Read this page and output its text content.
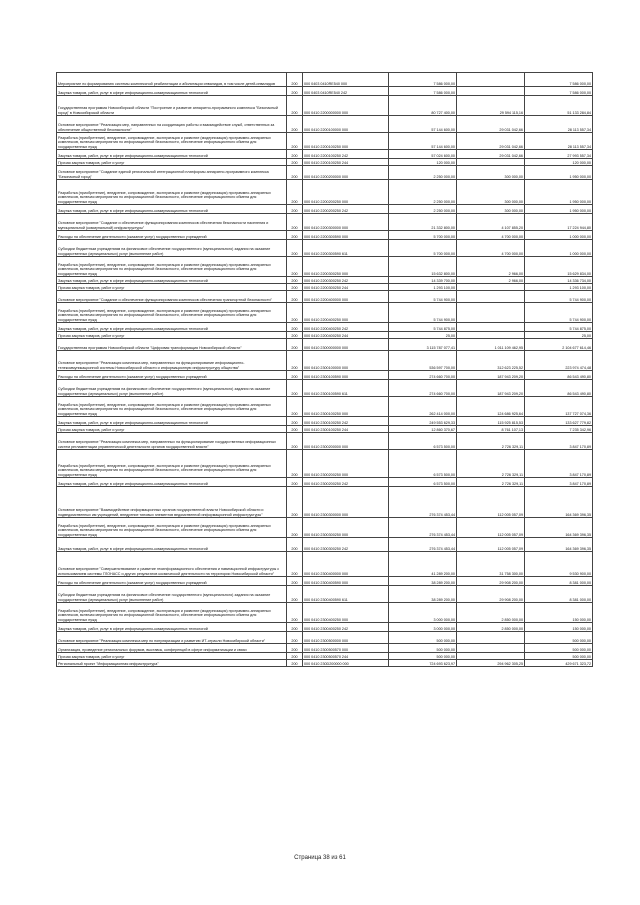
Мероприятие по формированию системы комплексной реабилитации и абилитации инвалидов, в том числе детей-инвалидов	200	000 0403 0410RE540 000	7 586 000,00		7 586 000,00
Закупка товаров, работ, услуг в сфере информационно-коммуникационных технологий	200	000 0403 0410RE540 242	7 586 000,00		7 586 000,00
Государственная программа Новосибирской области "Построение и развитие аппаратно-программного комплекса "Безопасный город" в Новосибирской области	200	000 0410 2200000000 000	80 727 400,00	29 594 115,16	51 133 284,84
Основное мероприятие "Реализация мер, направленных на координацию работы и взаимодействие служб, ответственных за обеспечение общественной безопасности"	200	000 0410 2200100000 000	57 144 600,00	29 031 042,66	28 113 557,34
Разработка (приобретение), внедрение, сопровождение, эксплуатация и развитие (модернизация) программно-аппаратных комплексов, включая мероприятия по информационной безопасности, обеспечение информационного обмена для государственных нужд	200	000 0410 2200100250 000	57 144 600,00	29 031 042,66	28 113 557,34
Закупка товаров, работ, услуг в сфере информационно-коммуникационных технологий	200	000 0410 2200100250 242	57 024 600,00	29 031 042,66	27 993 557,34
Прочая закупка товаров, работ и услуг	200	000 0410 2200100250 244	120 000,00		120 000,00
Основное мероприятие "Создание единой региональной интеграционной платформы аппаратно-программного комплекса "Безопасный город"	200	000 0410 2200200000 000	2 250 000,00	300 000,00	1 950 000,00
Разработка (приобретение), внедрение, сопровождение, эксплуатация и развитие (модернизация) программно-аппаратных комплексов, включая мероприятия по информационной безопасности, обеспечение информационного обмена для государственных нужд	200	000 0410 2200200250 000	2 250 000,00	300 000,00	1 950 000,00
Закупка товаров, работ, услуг в сфере информационно-коммуникационных технологий	200	000 0410 2200200250 242	2 250 000,00	300 000,00	1 950 000,00
Основное мероприятие "Создание и обеспечение функционирования комплексов обеспечения безопасности населения и муниципальной (коммунальной) инфраструктуры"	200	000 0410 2200300000 000	21 332 800,00	4 107 855,20	17 224 944,80
Расходы на обеспечение деятельности (оказание услуг) государственных учреждений	200	000 0410 2200300590 000	5 700 000,00	4 700 000,00	1 000 000,00
Субсидии бюджетным учреждениям на финансовое обеспечение государственного (муниципального) задания на оказание государственных (муниципальных) услуг (выполнение работ)	200	000 0410 2200300590 611	5 700 000,00	4 700 000,00	1 000 000,00
Разработка (приобретение), внедрение, сопровождение, эксплуатация и развитие (модернизация) программно-аппаратных комплексов, включая мероприятия по информационной безопасности, обеспечение информационного обмена для государственных нужд	200	000 0410 2200300250 000	15 632 800,00	2 966,00	15 629 834,00
Закупка товаров, работ, услуг в сфере информационно-коммуникационных технологий	200	000 0410 2200300250 242	14 339 700,00	2 966,00	14 336 734,00
Прочая закупка товаров, работ и услуг	200	000 0410 2200300250 244	1 293 100,00		1 293 100,00
Основное мероприятие "Создание и обеспечение функционирования комплексов обеспечения транспортной безопасности"	200	000 0410 2200400000 000	5 744 900,00		5 744 900,00
Разработка (приобретение), внедрение, сопровождение, эксплуатация и развитие (модернизация) программно-аппаратных комплексов, включая мероприятия по информационной безопасности, обеспечение информационного обмена для государственных нужд	200	000 0410 2200400250 000	5 744 900,00		5 744 900,00
Закупка товаров, работ, услуг в сфере информационно-коммуникационных технологий	200	000 0410 2200400250 242	5 744 875,00		5 744 875,00
Прочая закупка товаров, работ и услуг	200	000 0410 2200400250 244	25,00		25,00
Государственная программа Новосибирской области "Цифровая трансформация Новосибирской области"	200	000 0410 2300000000 000	3 115 787 077,41	1 011 109 462,95	2 104 677 614,46
Основное мероприятие "Реализация комплекса мер, направленных на функционирование информационно-телекоммуникационной системы Новосибирской области и информационную инфраструктуру общества"	200	000 0410 2300100000 000	536 597 700,00	312 623 225,52	223 974 474,48
Расходы на обеспечение деятельности (оказание услуг) государственных учреждений	200	000 0410 2300100590 000	274 660 700,00	187 943 209,20	86 543 490,80
Субсидии бюджетным учреждениям на финансовое обеспечение государственного (муниципального) задания на оказание государственных (муниципальных) услуг (выполнение работ)	200	000 0410 2300100590 611	274 660 700,00	187 943 209,20	86 543 490,80
Разработка (приобретение), внедрение, сопровождение, эксплуатация и развитие (модернизация) программно-аппаратных комплексов, включая мероприятия по информационной безопасности, обеспечение информационного обмена для государственных нужд	200	000 0410 2300100250 000	262 414 000,00	124 686 925,64	137 727 074,36
Закупка товаров, работ, услуг в сфере информационно-коммуникационных технологий	200	000 0410 2300100250 242	249 553 629,33	115 925 815,53	133 627 779,82
Прочая закупка товаров, работ и услуг	200	000 0410 2300100250 244	12 860 370,67	8 761 107,13	7 235 342,96
Основное мероприятие "Реализация комплекса мер, направленных на функционирование государственных информационных систем регламентации управленческой деятельности органов государственной власти"	200	000 0410 2300200000 000	6 573 500,00	2 726 329,11	3 847 170,89
Разработка (приобретение), внедрение, сопровождение, эксплуатация и развитие (модернизация) программно-аппаратных комплексов, включая мероприятия по информационной безопасности, обеспечение информационного обмена для государственных нужд	200	000 0410 2300200250 000	6 573 500,00	2 726 329,11	3 847 170,89
Закупка товаров, работ, услуг в сфере информационно-коммуникационных технологий	200	000 0410 2300200250 242	6 573 500,00	2 726 329,11	3 847 170,89
Основное мероприятие "Взаимодействие информационных органов государственной власти Новосибирской области и подведомственных им учреждений, внедрение типовых элементов ведомственной информационной инфраструктуры"	200	000 0410 2300300000 000	276 374 453,44	112 005 057,09	164 369 396,35
Разработка (приобретение), внедрение, сопровождение, эксплуатация и развитие (модернизация) программно-аппаратных комплексов, включая мероприятия по информационной безопасности, обеспечение информационного обмена для государственных нужд	200	000 0410 2300300250 000	276 374 453,44	112 005 057,09	164 369 396,35
Закупка товаров, работ, услуг в сфере информационно-коммуникационных технологий	200	000 0410 2300300250 242	276 374 453,44	112 005 057,09	164 369 396,35
Основное мероприятие "Совершенствование и развитие геоинформационного обеспечения и навигационной инфраструктуры с использованием системы ГЛОНАСС и других результатов космической деятельности на территории Новосибирской области"	200	000 0410 2300400000 000	41 289 200,00	31 758 300,00	9 530 900,00
Расходы на обеспечение деятельности (оказание услуг) государственных учреждений	200	000 0410 2300400590 000	38 289 200,00	29 908 200,00	8 381 000,00
Субсидии бюджетным учреждениям на финансовое обеспечение государственного (муниципального) задания на оказание государственных (муниципальных) услуг (выполнение работ)	200	000 0410 2300400590 611	38 289 200,00	29 908 200,00	8 381 000,00
Разработка (приобретение), внедрение, сопровождение, эксплуатация и развитие (модернизация) программно-аппаратных комплексов, включая мероприятия по информационной безопасности, обеспечение информационного обмена для государственных нужд	200	000 0410 2300400250 000	3 000 000,00	2 850 000,00	150 000,00
Закупка товаров, работ, услуг в сфере информационно-коммуникационных технологий	200	000 0410 2300400250 242	3 000 000,00	2 850 000,00	150 000,00
Основное мероприятие "Реализация комплекса мер по популяризации и развитию ИТ-отрасли Новосибирской области"	200	000 0410 2300500000 000	500 000,00		500 000,00
Организация, проведение региональных форумов, выставок, конференций в сфере информатизации и связи	200	000 0410 2300500570 000	500 000,00		500 000,00
Прочая закупка товаров, работ и услуг	200	000 0410 2300500570 244	500 000,00		500 000,00
Региональный проект "Информационная инфраструктура"	200	000 0410 230D200000 000	724 693 623,97	294 962 305,25	429 671 323,72
Страница 38 из 61
